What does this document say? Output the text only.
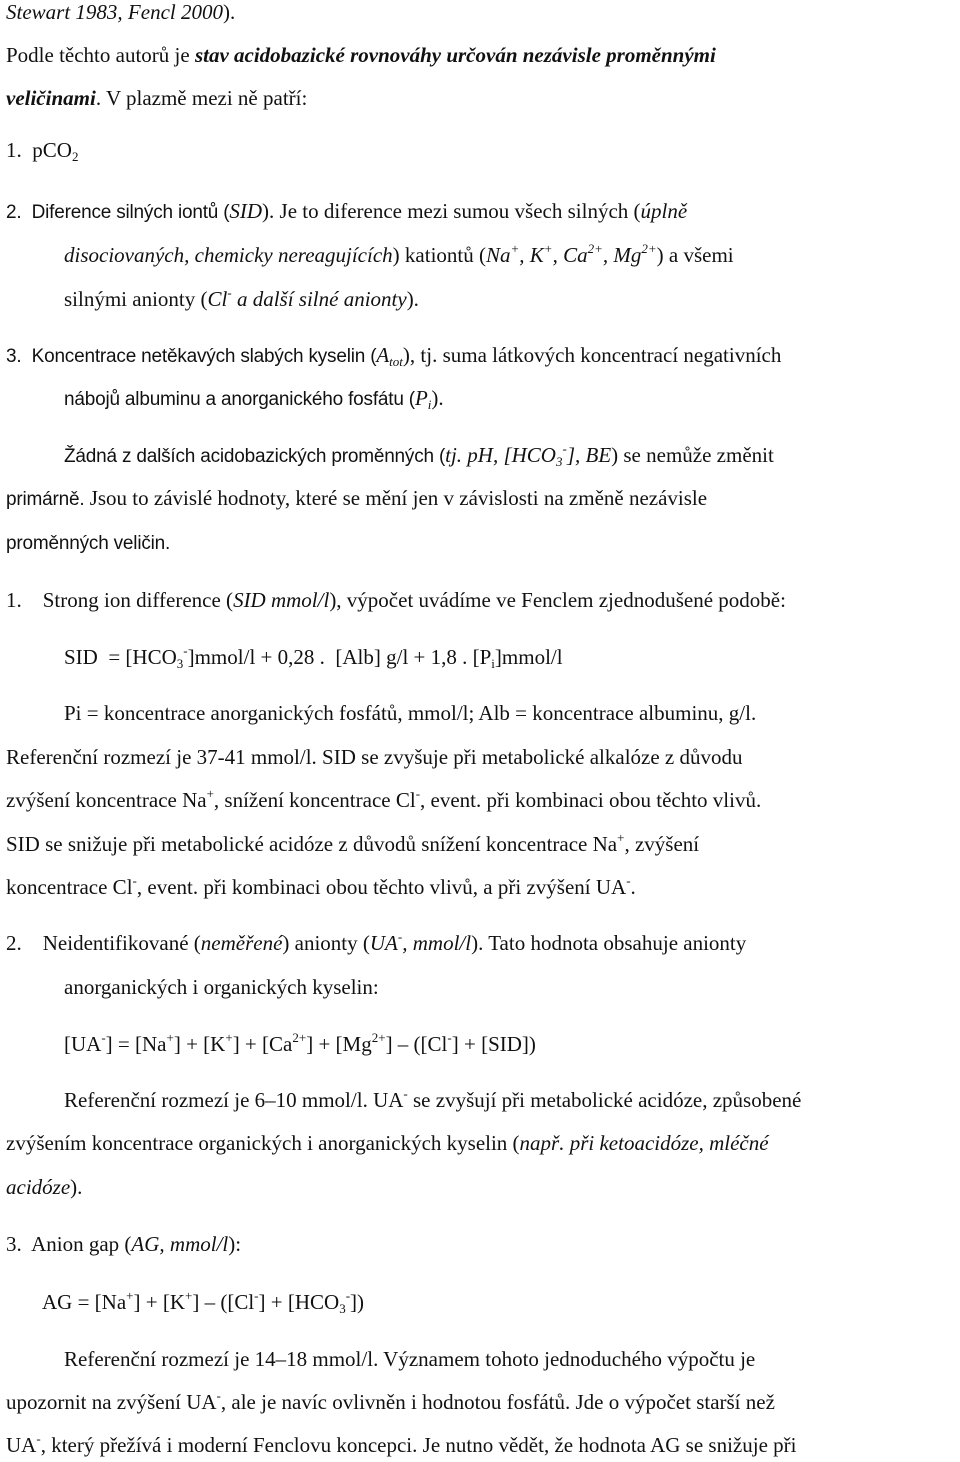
Stewart 1983, Fencl 2000).
Podle těchto autorů je stav acidobazické rovnováhy určován nezávisle proměnnými
veličinami. V plazmě mezi ně patří:
1.  pCO$_2$
2.  Diference silných iontů (SID). Je to diference mezi sumou všech silných (úplně
disociovaných, chemicky nereagujících) kationtů (Na+, K+, $Ca^{2+}$, $Mg^{2+}$) a všemi
silnými anionty (Cl- a další silné anionty).
3.  Koncentrace netěkavých slabých kyselin $(A_{tot})$, tj. suma látkových koncentrací negativních
nábojů albuminu a anorganického fosfátu $(P_i)$.
Žádná z dalších acidobazických proměnných (tj. pH, $[HCO_3^-]$, BE) se nemůže změnit
primárně. Jsou to závislé hodnoty, které se mění jen v závislosti na změně nezávisle
proměnných veličin.
1.    Strong ion difference (SID mmol/l), výpočet uvádíme ve Fenclem zjednodušené podobě:
SID  = $[HCO_3^-]mmol/l + 0,28$ .  [Alb] g/l + 1,8 . $[P_i]mmol/l$
Pi = koncentrace anorganických fosfátů, mmol/l; Alb = koncentrace albuminu, g/l.
Referenční rozmezí je 37-41 mmol/l. SID se zvyšuje při metabolické alkalóze z důvodu
zvýšení koncentrace Na+, snížení koncentrace Cl-, event. při kombinaci obou těchto vlivů.
SID se snižuje při metabolické acidóze z důvodů snížení koncentrace Na+, zvýšení
koncentrace Cl-, event. při kombinaci obou těchto vlivů, a při zvýšení UA-.
2.    Neidentifikované (neměřené) anionty (UA-, mmol/l). Tato hodnota obsahuje anionty
anorganických i organických kyselin:
$[UA^-] = [Na^+] + [K^+] + [Ca^{2+}] + [Mg^{2+}] - ([Cl^-] + [SID])$
Referenční rozmezí je 6–10 mmol/l. UA- se zvyšují při metabolické acidóze, způsobené
zvýšením koncentrace organických i anorganických kyselin (např. při ketoacidóze, mléčné
acidóze).
3.  Anion gap (AG, mmol/l):
AG = $[Na^+] + [K^+] - ([Cl^-] + [HCO_3^-])$
Referenční rozmezí je 14–18 mmol/l. Významem tohoto jednoduchého výpočtu je
upozornit na zvýšení UA-, ale je navíc ovlivněn i hodnotou fosfátů. Jde o výpočet starší než
UA-, který přežívá i moderní Fenclovu koncepci. Je nutno vědět, že hodnota AG se snižuje při
